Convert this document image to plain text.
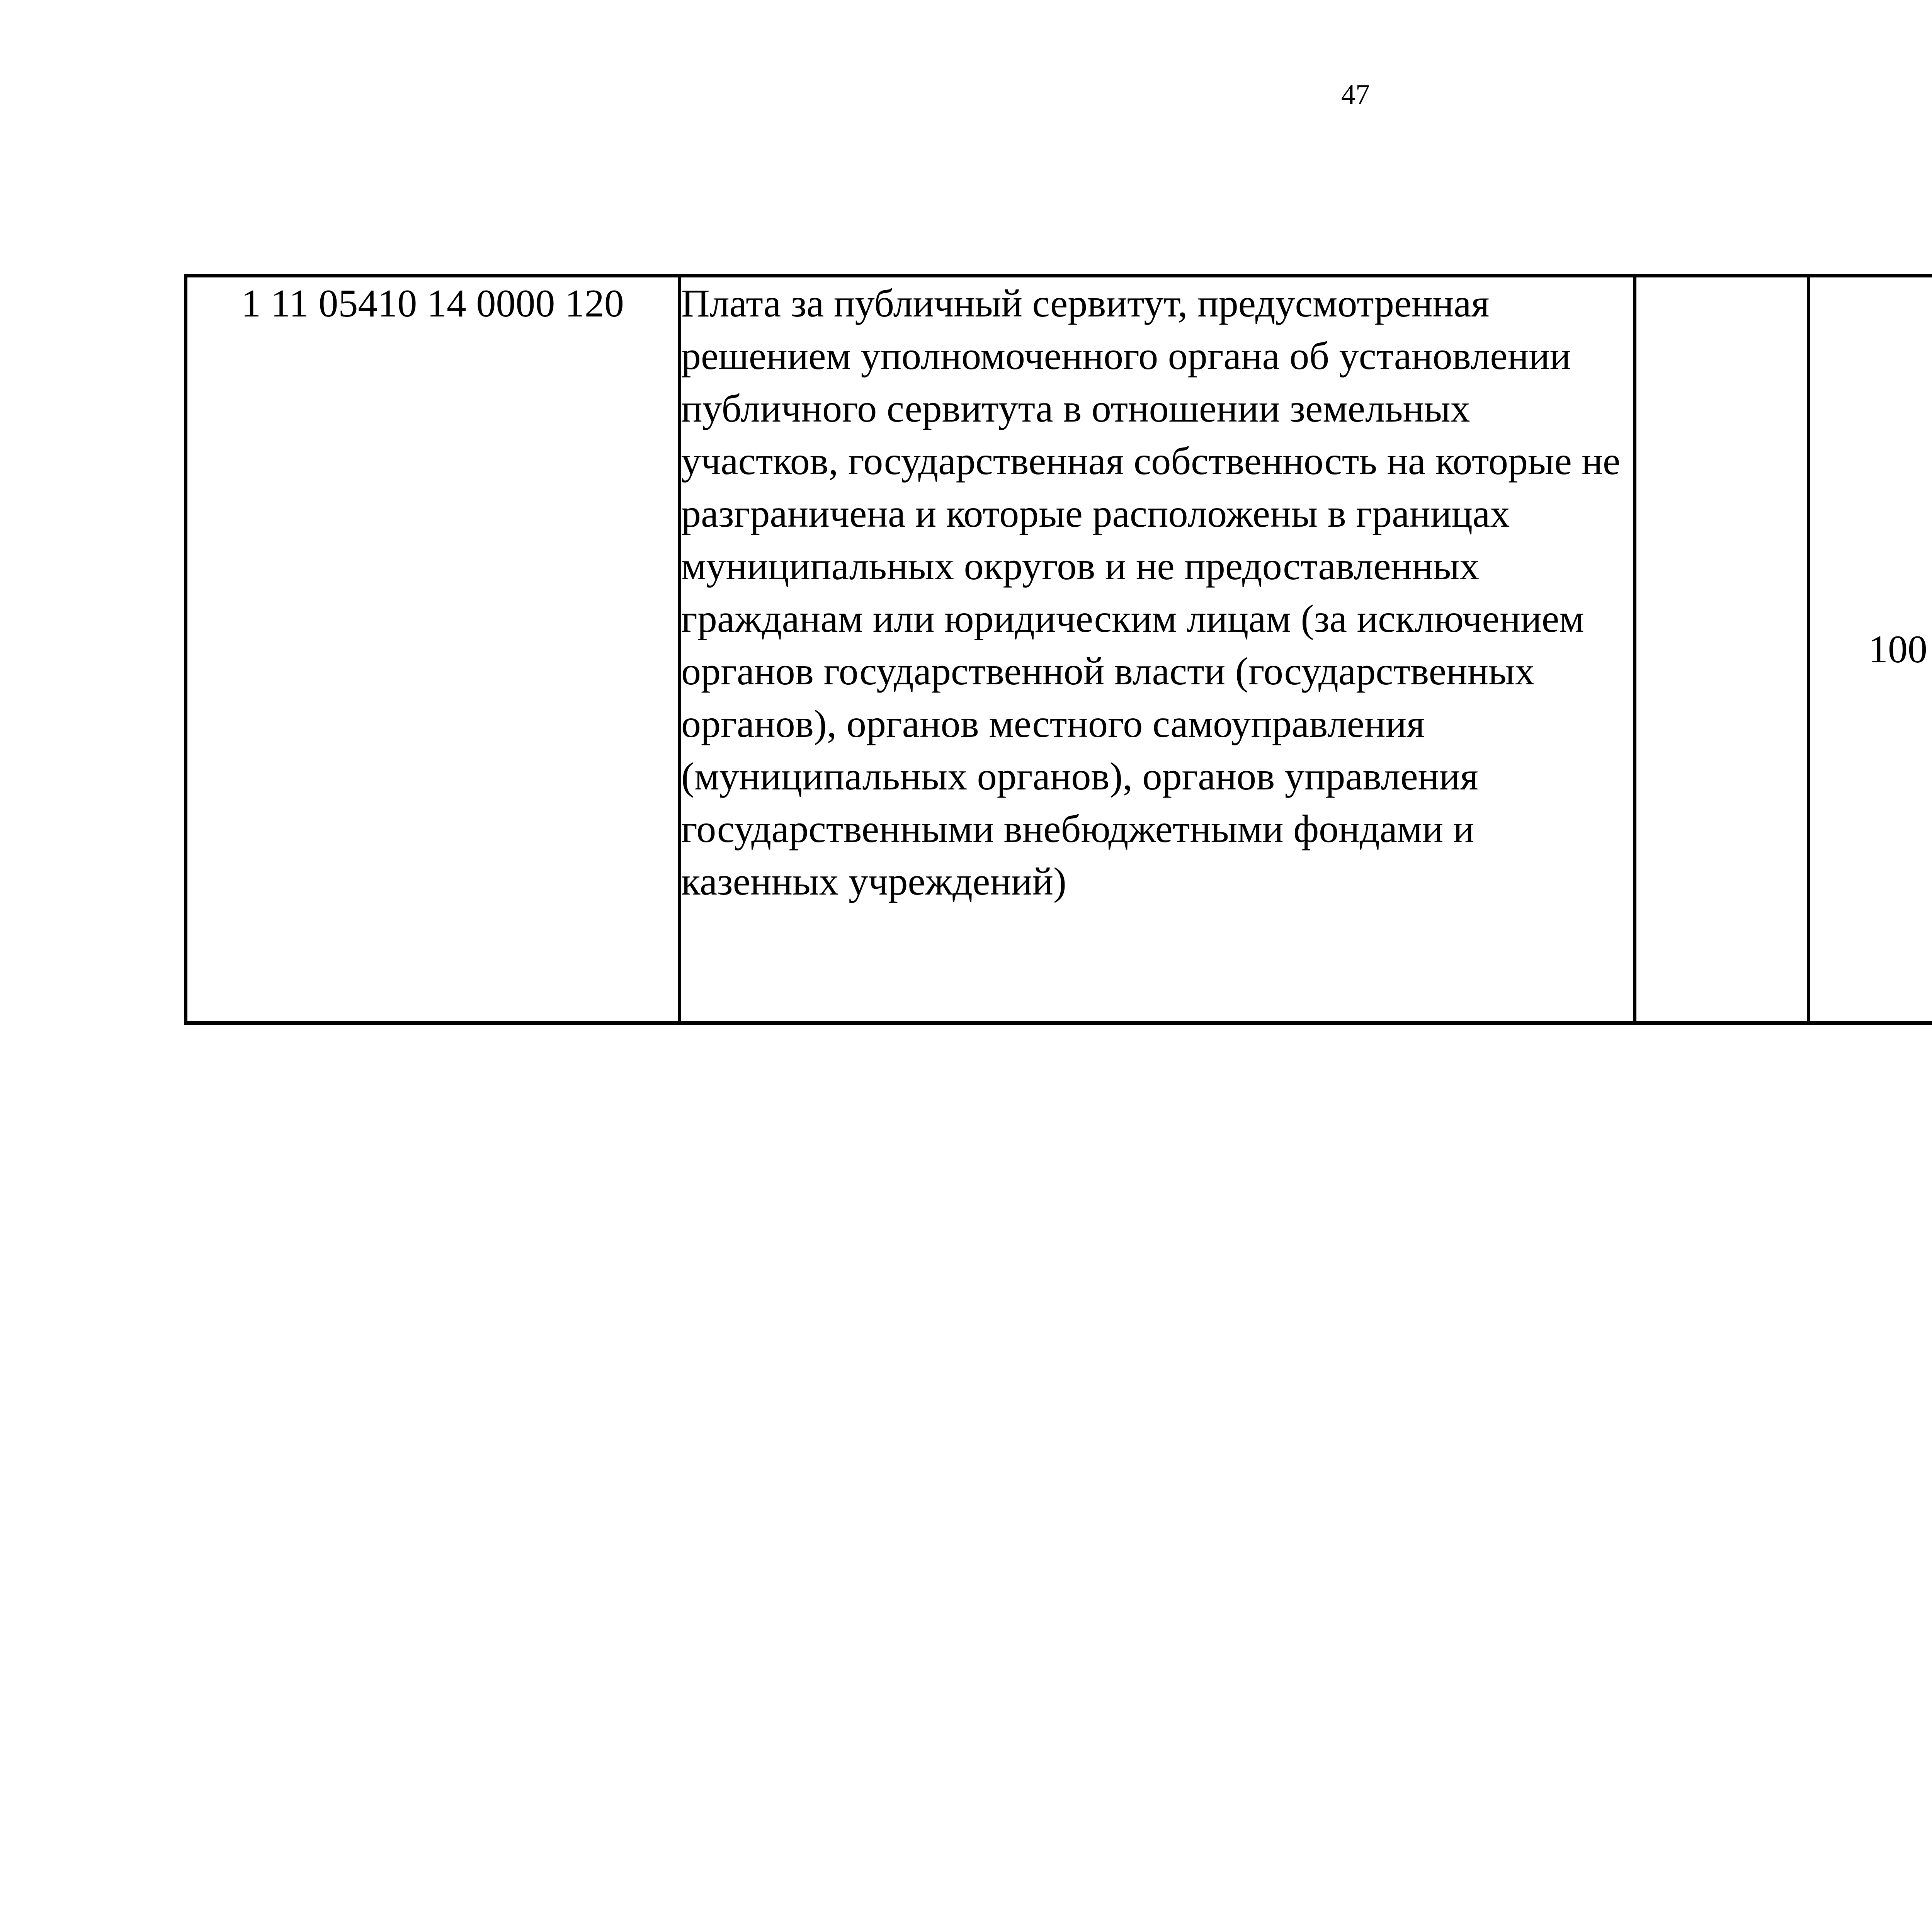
47
1 11 05410 14 0000 120	Плата за публичный сервитут, предусмотренная решением уполномоченного органа об установлении публичного сервитута в отношении земельных участков, государственная собственность на которые не разграничена и которые расположены в границах муниципальных округов и не предоставленных гражданам или юридическим лицам (за исключением органов государственной власти (государственных органов), органов местного самоуправления (муниципальных органов), органов управления государственными внебюджетными фондами и казенных учреждений)		100			
